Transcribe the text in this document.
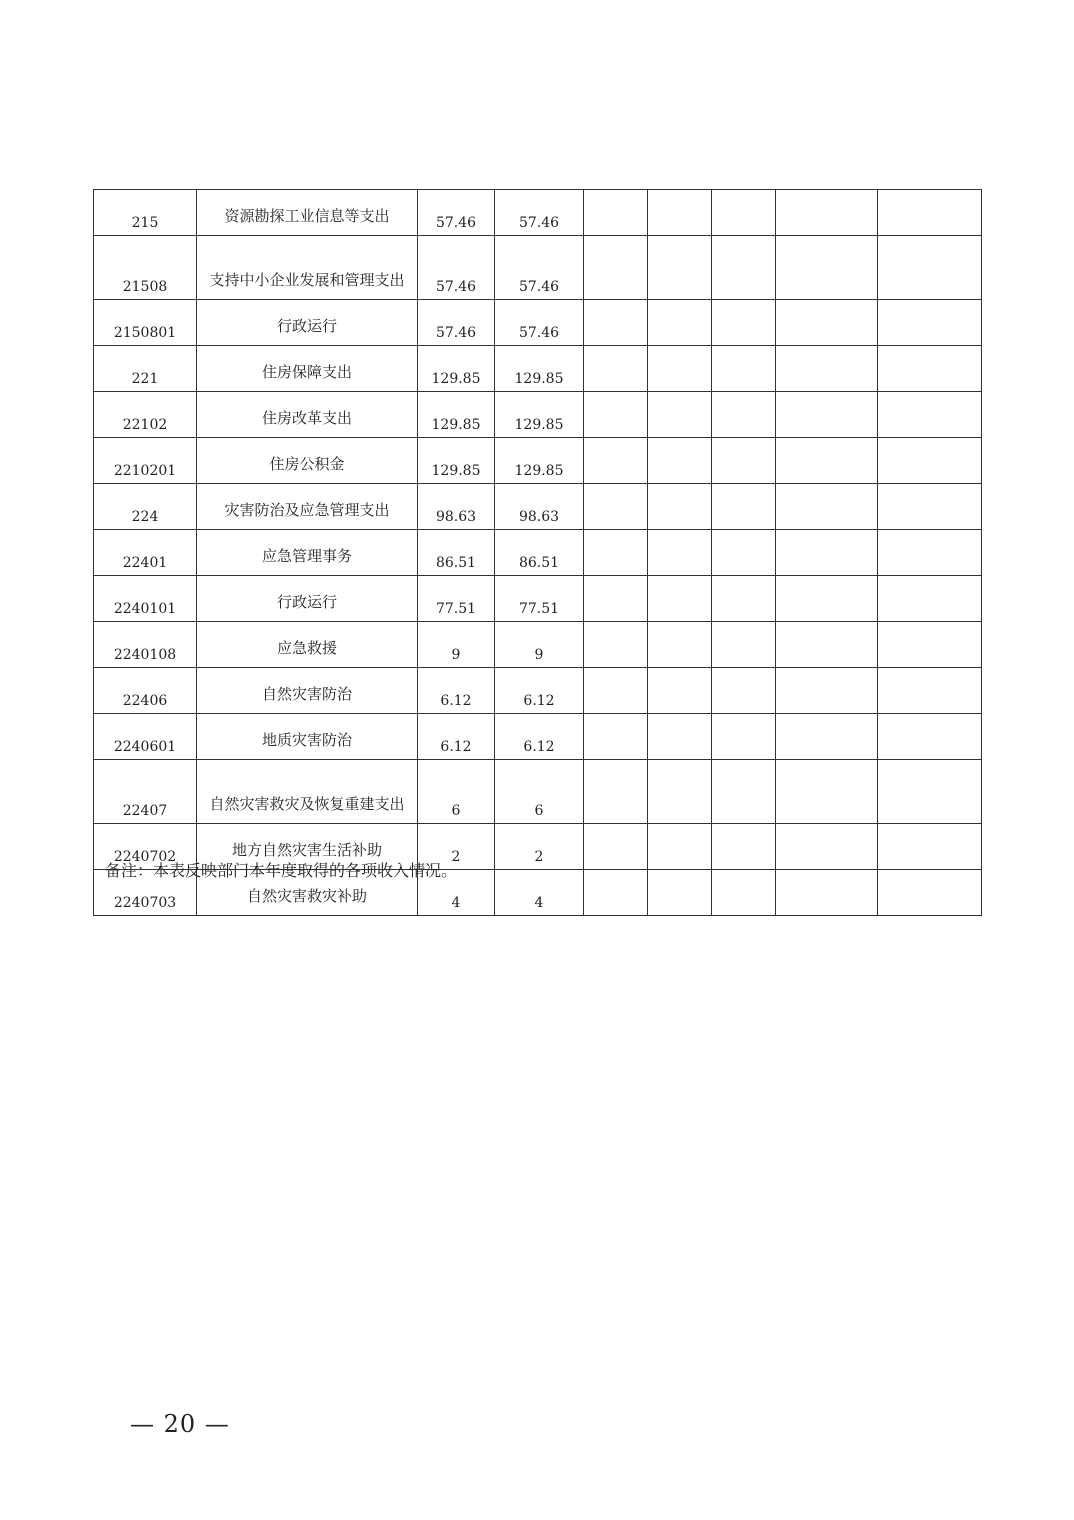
215	资源勘探工业信息等支出	57.46	57.46					
21508	支持中小企业发展和管理支出	57.46	57.46					
2150801	行政运行	57.46	57.46					
221	住房保障支出	129.85	129.85					
22102	住房改革支出	129.85	129.85					
2210201	住房公积金	129.85	129.85					
224	灾害防治及应急管理支出	98.63	98.63					
22401	应急管理事务	86.51	86.51					
2240101	行政运行	77.51	77.51					
2240108	应急救援	9	9					
22406	自然灾害防治	6.12	6.12					
2240601	地质灾害防治	6.12	6.12					
22407	自然灾害救灾及恢复重建支出	6	6					
2240702	地方自然灾害生活补助	2	2					
2240703	自然灾害救灾补助	4	4					
备注：本表反映部门本年度取得的各项收入情况。
— 20 —
